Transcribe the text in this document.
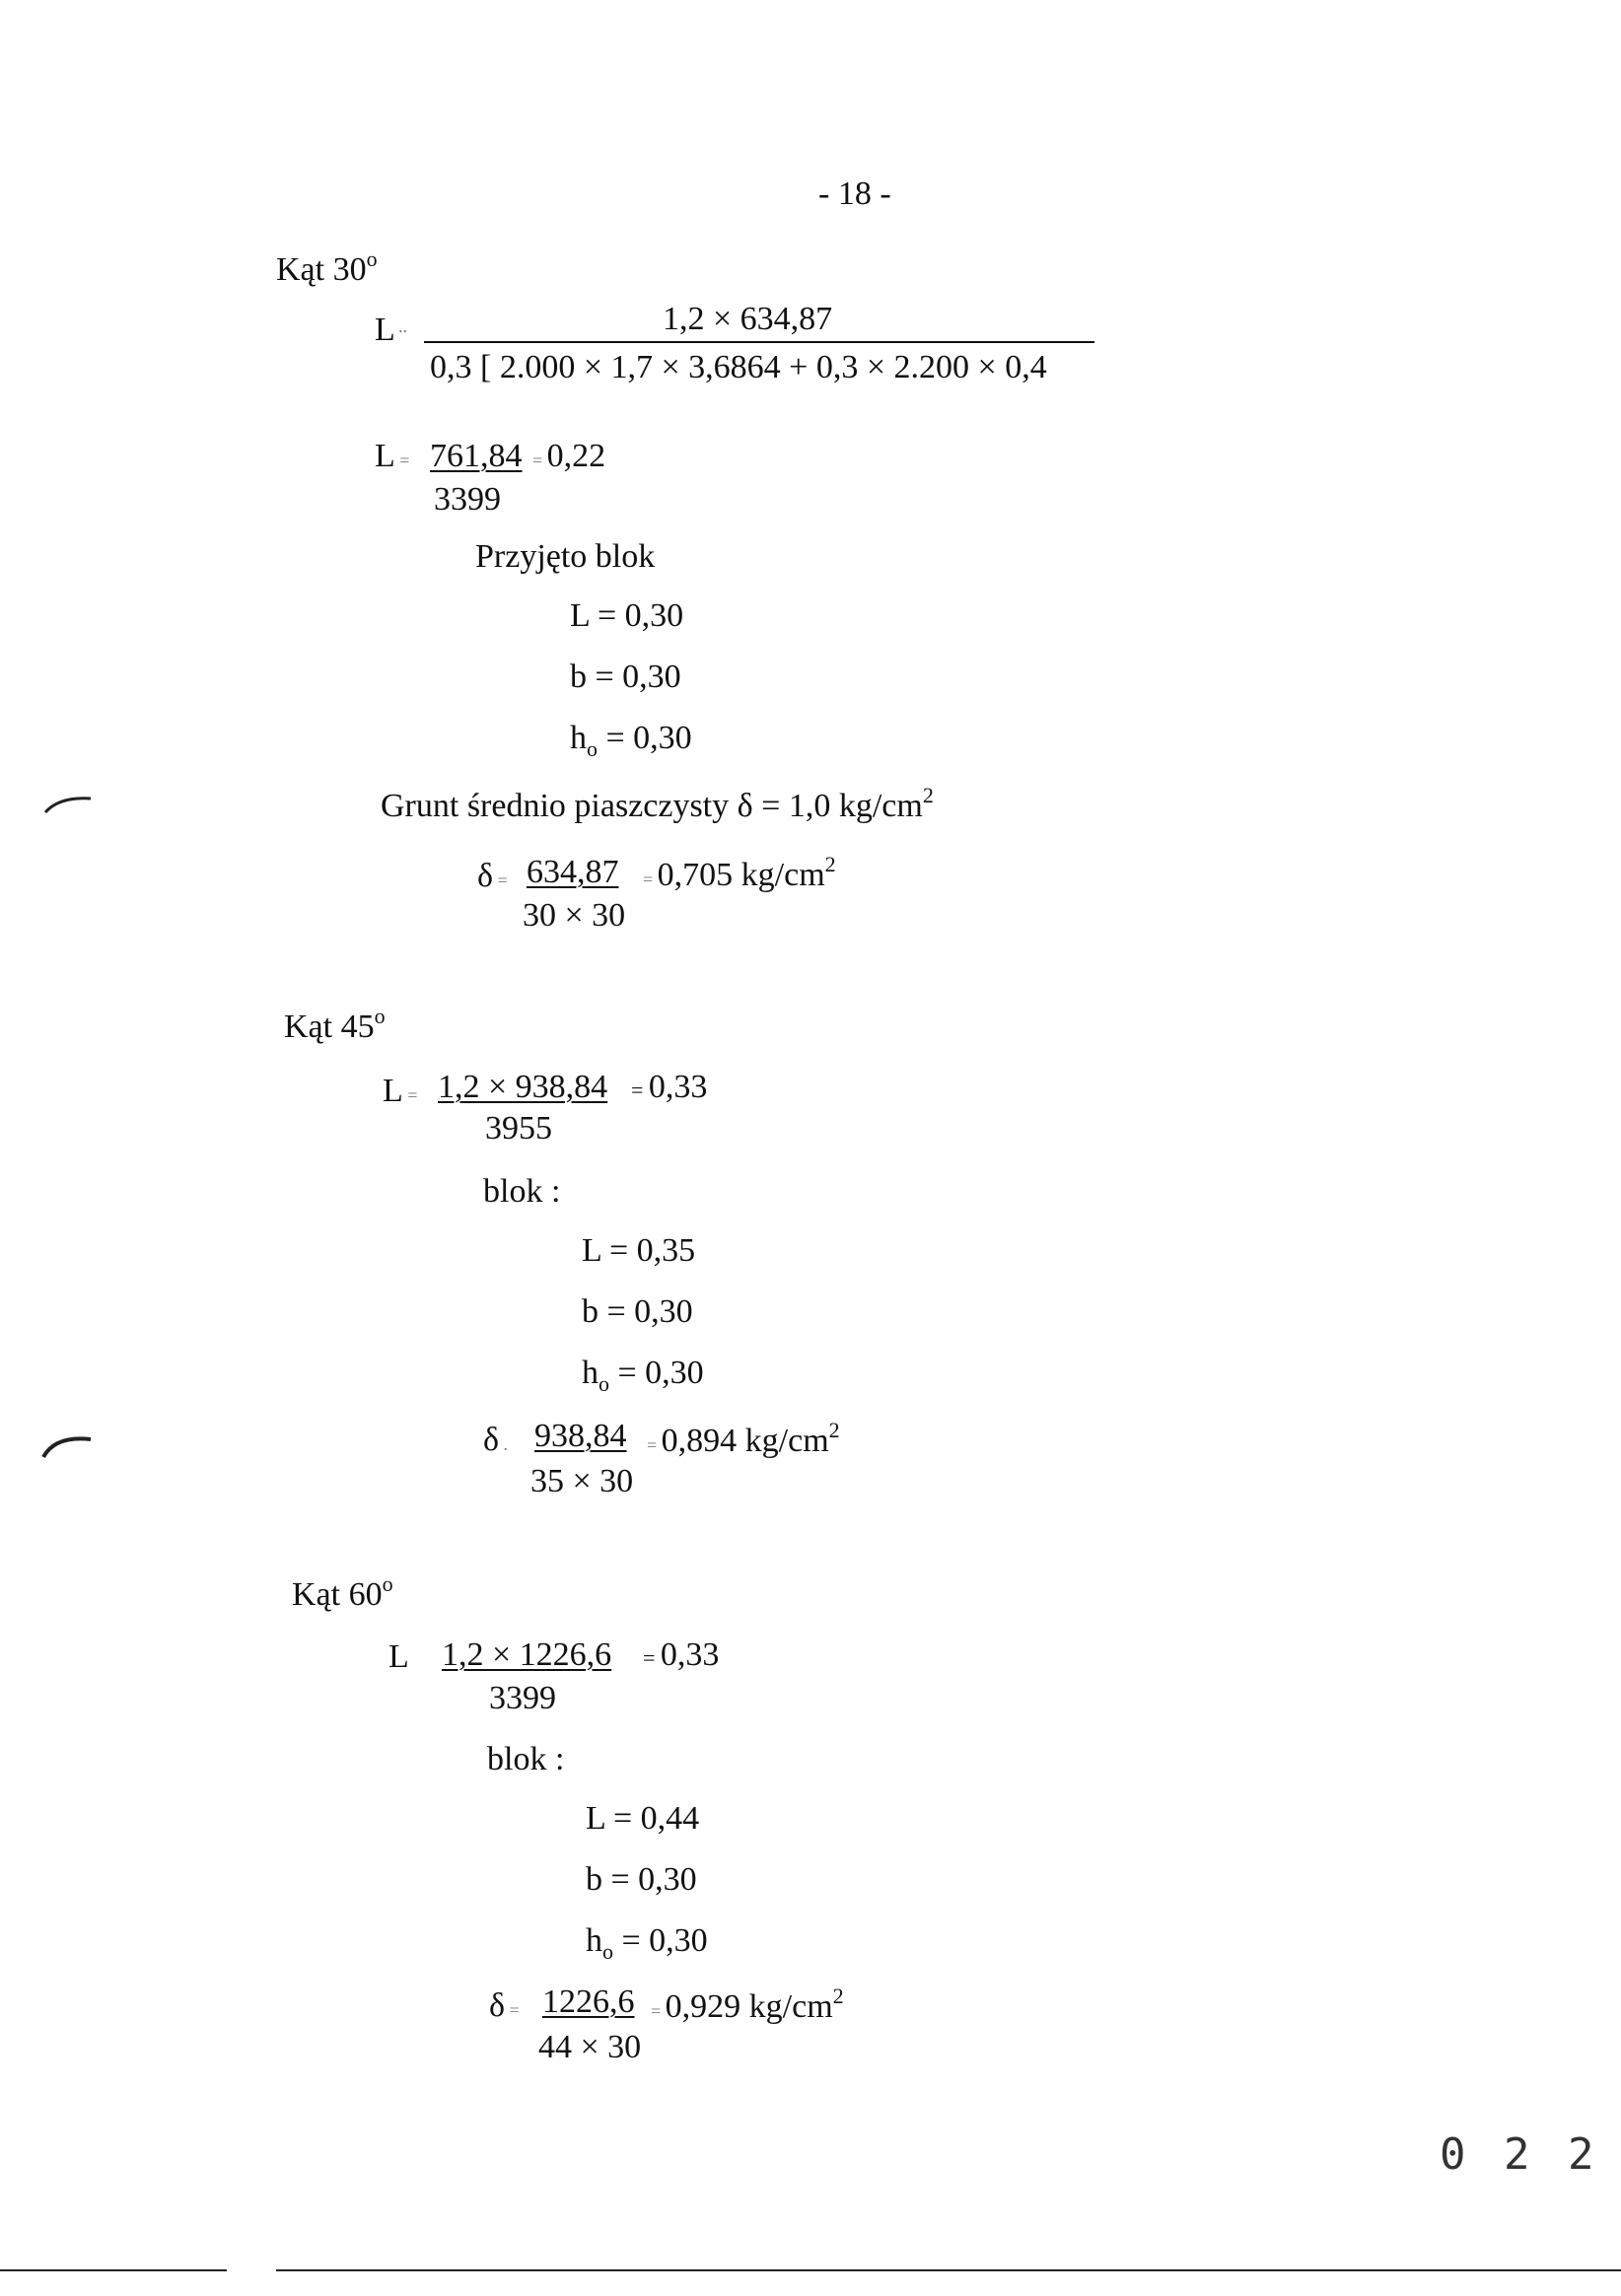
- 18 -
Kąt 30$^o$
L ..	1,2 × 634,87
0,3 [ 2.000 × 1,7 × 3,6864 + 0,3 × 2.200 × 0,4
L = 761,84 = 0,22
3399
Przyjęto blok
L = 0,30
b = 0,30
$h_o = 0,30$
Grunt średnio piaszczysty δ = 1,0 $kg/cm^2$
δ = 634,87 = 0,705 $kg/cm^2$
30 × 30
Kąt 45$^o$
L = 1,2 × 938,84 = 0,33
3955
blok :
L = 0,35
b = 0,30
$h_o = 0,30$
δ . 938,84 = 0,894 $kg/cm^2$
35 × 30
Kąt 60$^o$
L 1,2 × 1226,6 = 0,33
3399
blok :
L = 0,44
b = 0,30
$h_o = 0,30$
δ = 1226,6 = 0,929 $kg/cm^2$
44 × 30
0 2 2
